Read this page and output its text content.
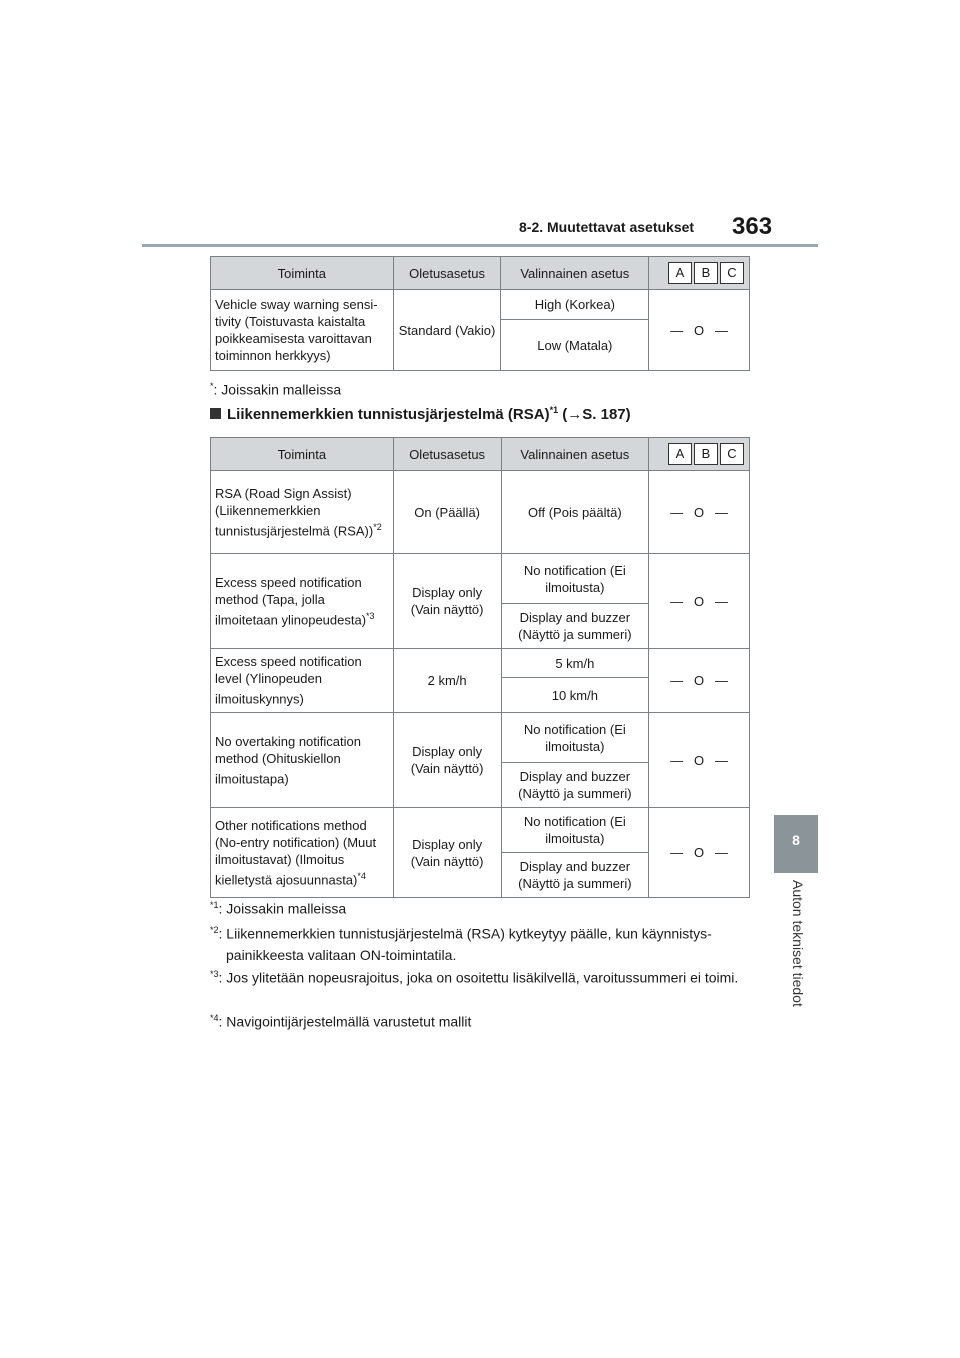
8-2. Muutettavat asetukset 363
8
Auton tekniset tiedot
Toiminta	Oletusasetus	Valinnainen asetus	A B C
Vehicle sway warning sensi-tivity (Toistuvasta kaistalta poikkeamisesta varoittavan toiminnon herkkyys)	Standard (Vakio)	High (Korkea)	— O —
		Low (Matala)	
*: Joissakin malleissa
Liikennemerkkien tunnistusjärjestelmä (RSA)$^{*1}$ (→S. 187)
Toiminta	Oletusasetus	Valinnainen asetus	A B C
RSA (Road Sign Assist) (Liikennemerkkien tunnistusjärjestelmä (RSA))$^{*2}$	On (Päällä)	Off (Pois päältä)	— O —
Excess speed notification method (Tapa, jolla ilmoitetaan ylinopeudesta)$^{*3}$	Display only (Vain näyttö)	No notification (Ei ilmoitusta)	— O —
		Display and buzzer (Näyttö ja summeri)	
Excess speed notification level (Ylinopeuden ilmoituskynnys)	2 km/h	5 km/h	— O —
		10 km/h	
No overtaking notification method (Ohituskiellon ilmoitustapa)	Display only (Vain näyttö)	No notification (Ei ilmoitusta)	— O —
		Display and buzzer (Näyttö ja summeri)	
Other notifications method (No-entry notification) (Muut ilmoitustavat) (Ilmoitus kielletystä ajosuunnasta)$^{*4}$	Display only (Vain näyttö)	No notification (Ei ilmoitusta)	— O —
		Display and buzzer (Näyttö ja summeri)	
$^{*1}$: Joissakin malleissa
$^{*2}$: Liikennemerkkien tunnistusjärjestelmä (RSA) kytkeytyy päälle, kun käynnistys-painikkeesta valitaan ON-toimintatila.
$^{*3}$: Jos ylitetään nopeusrajoitus, joka on osoitettu lisäkilvellä, varoitussummeri ei toimi.
$^{*4}$: Navigointijärjestelmällä varustetut mallit
